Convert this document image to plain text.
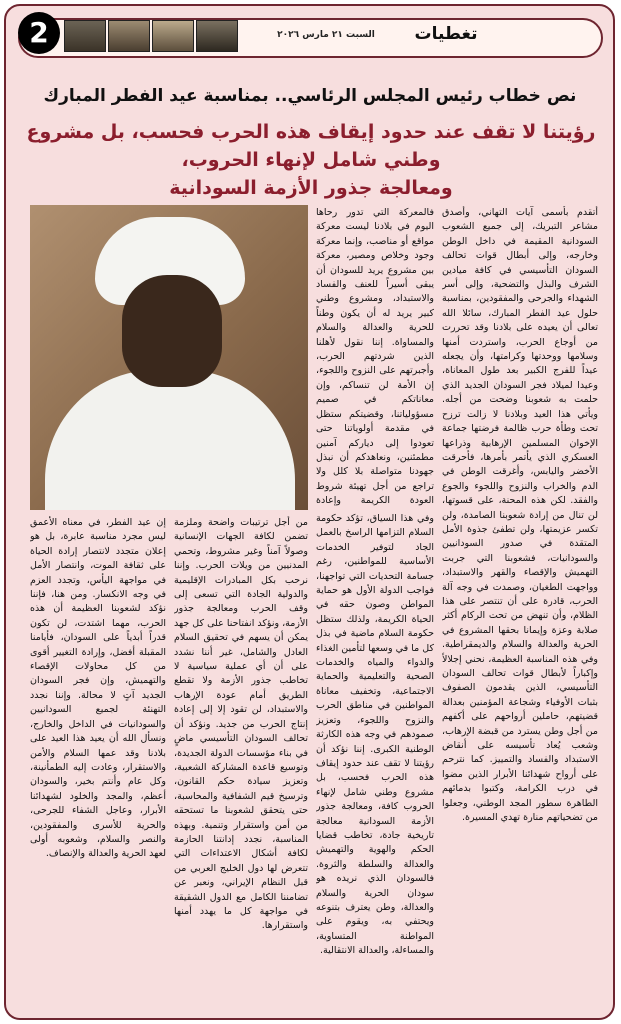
2	السبت ٢١ مارس ٢٠٢٦	تغطيات
نص خطاب رئيس المجلس الرئاسي.. بمناسبة عيد الفطر المبارك
رؤيتنا لا تقف عند حدود إيقاف هذه الحرب فحسب، بل مشروع وطني شامل لإنهاء الحروب،
ومعالجة جذور الأزمة السودانية
أتقدم بأسمى آيات التهاني، وأصدق مشاعر التبريك، إلى جميع الشعوب السودانية المقيمة في داخل الوطن وخارجه، وإلى أبطال قوات تحالف السودان التأسيسي في كافة ميادين الشرف والبذل والتضحية، وإلى أسر الشهداء والجرحى والمفقودين، بمناسبة حلول عيد الفطر المبارك، سائلا الله تعالى أن يعيده على بلادنا وقد تحررت من أوجاع الحرب، واستردت أمنها وسلامها ووحدتها وكرامتها، وأن يجعله عيداً للفرج الكبير بعد طول المعاناة، وعيدا لميلاد فجر السودان الجديد الذي حلمت به شعوبنا وضحت من أجله. ويأتي هذا العيد وبلادنا لا زالت ترزح تحت وطأة حرب ظالمة فرضتها جماعة الإخوان المسلمين الإرهابية وذراعها العسكري الذي يأتمر بأمرها، فأحرقت الأخضر واليابس، وأغرقت الوطن في الدم والخراب والنزوح واللجوء والجوع والفقد. لكن هذه المحنة، على قسوتها، لن تنال من إرادة شعوبنا الصامدة، ولن تكسر عزيمتها، ولن تطفئ جذوة الأمل المتقدة في صدور السودانيين والسودانيات، فشعوبنا التي جربت التهميش والإقصاء والقهر والاستبداد، وواجهت الطغيان، وصمدت في وجه آلة الحرب، قادرة على أن تنتصر على هذا الظلام، وأن تنهض من تحت الركام أكثر صلابة وعزة وإيمانا بحقها المشروع في الحرية والعدالة والسلام والديمقراطية. وفي هذه المناسبة العظيمة، نحني إجلالاً وإكباراً لأبطال قوات تحالف السودان التأسيسي، الذين يقدمون الصفوف بثبات الأوفياء وشجاعة المؤمنين بعدالة قضيتهم، حاملين أرواحهم على أكفهم من أجل وطن يسترد من قبضة الإرهاب، وشعب يُعاد تأسيسه على أنقاض الاستبداد والفساد والتمييز. كما نترحم على أرواح شهدائنا الأبرار الذين مضوا في درب الكرامة، وكتبوا بدمائهم الطاهرة سطور المجد الوطني، وجعلوا من تضحياتهم منارة تهدي المسيرة.
فالمعركة التي تدور رحاها اليوم في بلادنا ليست معركة مواقع أو مناصب، وإنما معركة وجود وخلاص ومصير، معركة بين مشروع يريد للسودان أن يبقى أسيراً للعنف والفساد والاستبداد، ومشروع وطني كبير يريد له أن يكون وطناً للحرية والعدالة والسلام والمساواة. إننا نقول لأهلنا الذين شردتهم الحرب، وأجبرتهم على النزوح واللجوء، إن الأمة لن تنساكم، وإن معاناتكم في صميم مسؤولياتنا، وقضيتكم ستظل في مقدمة أولوياتنا حتى تعودوا إلى دياركم آمنين مطمئنين، ونعاهدكم أن نبذل جهودنا متواصلة بلا كلل ولا تراجع من أجل تهيئة شروط العودة الكريمة وإعادة
وفي هذا السياق، تؤكد حكومة السلام التزامها الراسخ بالعمل الجاد لتوفير الخدمات الأساسية للمواطنين، رغم جسامة التحديات التي تواجهنا، فواجب الدولة الأول هو حماية المواطن وصون حقه في الحياة الكريمة، ولذلك ستظل حكومة السلام ماضية في بذل كل ما في وسعها لتأمين الغذاء والدواء والمياه والخدمات الصحية والتعليمية والحماية الاجتماعية، وتخفيف معاناة المواطنين في مناطق الحرب والنزوح واللجوء، وتعزيز صمودهم في وجه هذه الكارثة الوطنية الكبرى. إننا نؤكد أن رؤيتنا لا تقف عند حدود إيقاف هذه الحرب فحسب، بل مشروع وطني شامل لإنهاء الحروب كافة، ومعالجة جذور الأزمة السودانية معالجة تاريخية جادة، تخاطب قضايا الحكم والهوية والتهميش والعدالة والسلطة والثروة. فالسودان الذي نريده هو سودان الحرية والسلام والعدالة، وطن يعترف بتنوعه ويحتفي به، ويقوم على المواطنة المتساوية، والمساءلة، والعدالة الانتقالية.
من أجل ترتيبات واضحة وملزمة تضمن لكافة الجهات الإنسانية وصولاً آمناً وغير مشروط، وتحمي المدنيين من ويلات الحرب. وإننا نرحب بكل المبادرات الإقليمية والدولية الجادة التي تسعى إلى وقف الحرب ومعالجة جذور الأزمة، ونؤكد انفتاحنا على كل جهد يمكن أن يسهم في تحقيق السلام العادل والشامل، غير أننا نشدد على أن أي عملية سياسية لا تخاطب جذور الأزمة ولا تقطع الطريق أمام عودة الإرهاب والاستبداد، لن تقود إلا إلى إعادة إنتاج الحرب من جديد. ونؤكد أن تحالف السودان التأسيسي ماضٍ في بناء مؤسسات الدولة الجديدة، وتوسيع قاعدة المشاركة الشعبية، وتعزيز سيادة حكم القانون، وترسيخ قيم الشفافية والمحاسبة، حتى يتحقق لشعوبنا ما تستحقه من أمن واستقرار وتنمية. وبهذه المناسبة، نجدد إدانتنا الحازمة لكافة أشكال الاعتداءات التي تتعرض لها دول الخليج العربي من قبل النظام الإيراني، ونعبر عن تضامننا الكامل مع الدول الشقيقة في مواجهة كل ما يهدد أمنها واستقرارها.
إن عيد الفطر، في معناه الأعمق ليس مجرد مناسبة عابرة، بل هو إعلان متجدد لانتصار إرادة الحياة على ثقافة الموت، وانتصار الأمل في مواجهة اليأس، وتجدد العزم في وجه الانكسار. ومن هنا، فإننا نؤكد لشعوبنا العظيمة أن هذه الحرب، مهما اشتدت، لن تكون قدراً أبدياً على السودان، فأيامنا المقبلة أفضل، وإرادة التغيير أقوى من كل محاولات الإقصاء والتهميش، وإن فجر السودان الجديد آتٍ لا محالة. وإننا نجدد التهنئة لجميع السودانيين والسودانيات في الداخل والخارج، ونسأل الله أن يعيد هذا العيد على بلادنا وقد عمها السلام والأمن والاستقرار، وعادت إليه الطمأنينة، وكل عام وأنتم بخير، والسودان أعظم، والمجد والخلود لشهدائنا الأبرار، وعاجل الشفاء للجرحى، والحرية للأسرى والمفقودين، والنصر والسلام، وشعوبه أولى لعهد الحرية والعدالة والإنصاف.
